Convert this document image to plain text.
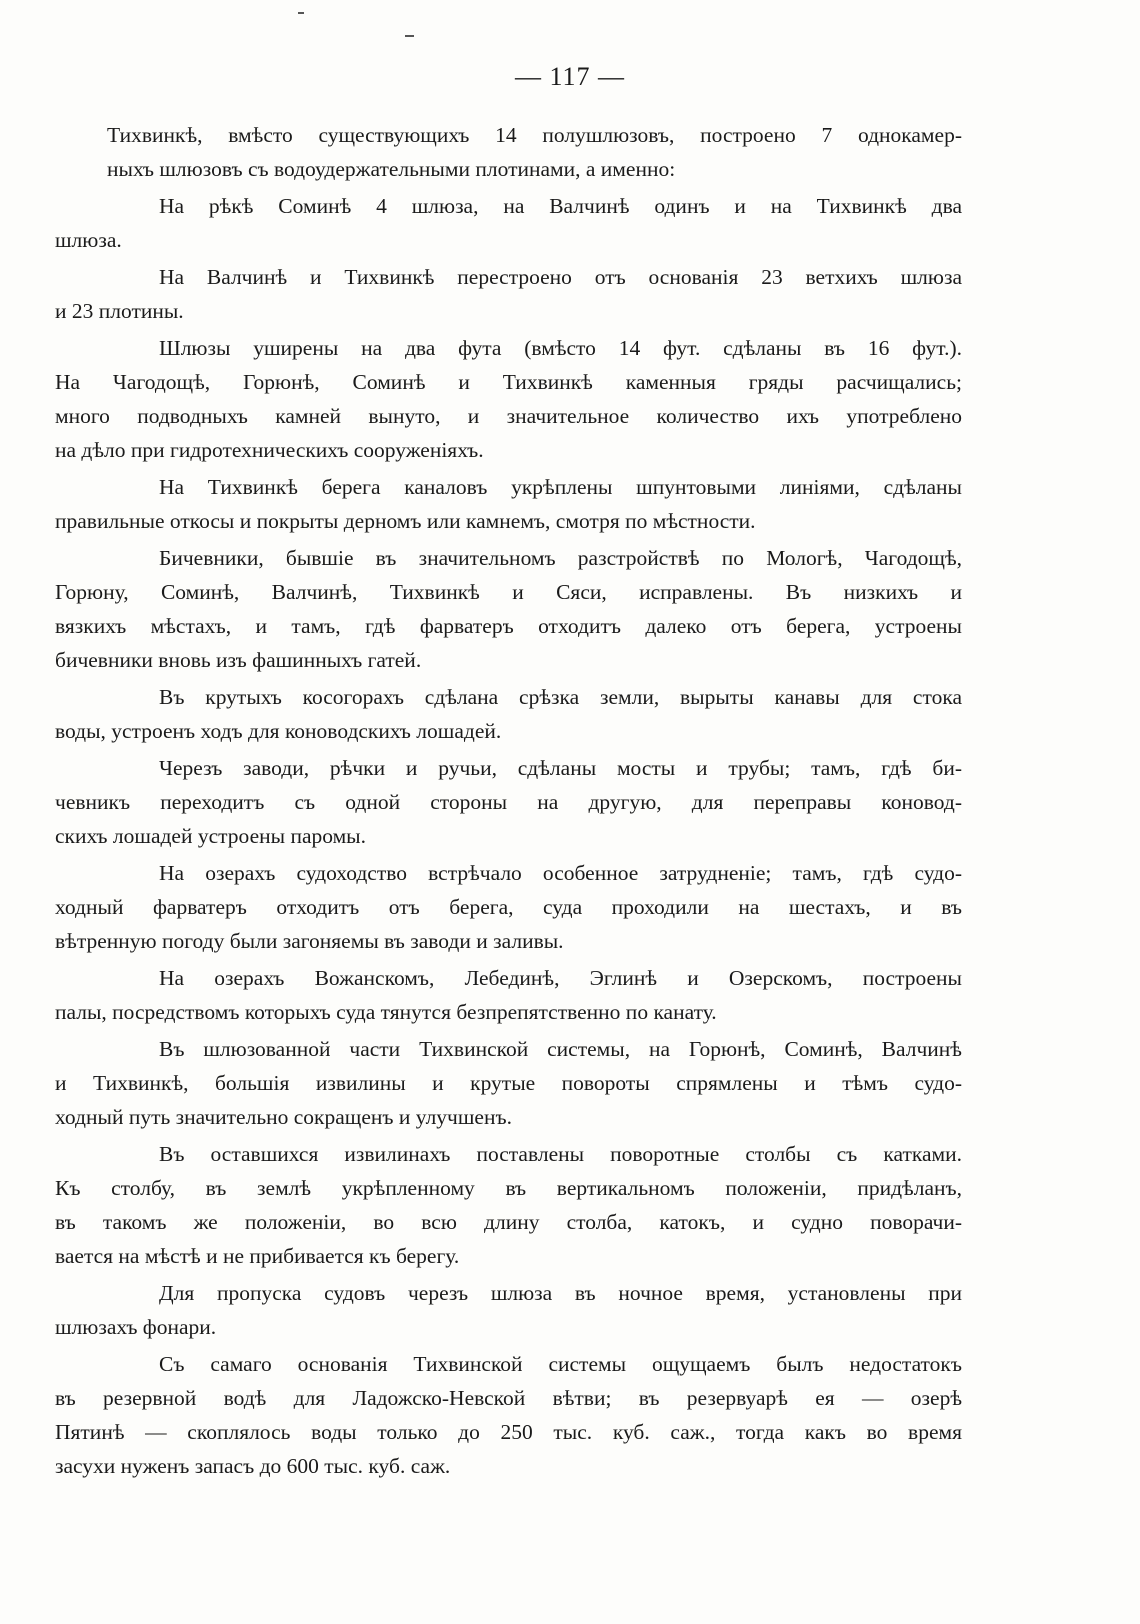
— 117 —
Тихвинкѣ, вмѣсто существующихъ 14 полушлюзовъ, построено 7 однокамер-
ныхъ шлюзовъ съ водоудержательными плотинами, а именно:
На рѣкѣ Соминѣ 4 шлюза, на Валчинѣ одинъ и на Тихвинкѣ два
шлюза.
На Валчинѣ и Тихвинкѣ перестроено отъ основанія 23 ветхихъ шлюза
и 23 плотины.
Шлюзы уширены на два фута (вмѣсто 14 фут. сдѣланы въ 16 фут.).
На Чагодощѣ, Горюнѣ, Соминѣ и Тихвинкѣ каменныя гряды расчищались;
много подводныхъ камней вынуто, и значительное количество ихъ употреблено
на дѣло при гидротехническихъ сооруженіяхъ.
На Тихвинкѣ берега каналовъ укрѣплены шпунтовыми линіями, сдѣланы
правильные откосы и покрыты дерномъ или камнемъ, смотря по мѣстности.
Бичевники, бывшіе въ значительномъ разстройствѣ по Мологѣ, Чагодощѣ,
Горюну, Соминѣ, Валчинѣ, Тихвинкѣ и Сяси, исправлены. Въ низкихъ и
вязкихъ мѣстахъ, и тамъ, гдѣ фарватеръ отходитъ далеко отъ берега, устроены
бичевники вновь изъ фашинныхъ гатей.
Въ крутыхъ косогорахъ сдѣлана срѣзка земли, вырыты канавы для стока
воды, устроенъ ходъ для коноводскихъ лошадей.
Черезъ заводи, рѣчки и ручьи, сдѣланы мосты и трубы; тамъ, гдѣ би-
чевникъ переходитъ съ одной стороны на другую, для переправы коновод-
скихъ лошадей устроены паромы.
На озерахъ судоходство встрѣчало особенное затрудненіе; тамъ, гдѣ судо-
ходный фарватеръ отходитъ отъ берега, суда проходили на шестахъ, и въ
вѣтренную погоду были загоняемы въ заводи и заливы.
На озерахъ Вожанскомъ, Лебединѣ, Эглинѣ и Озерскомъ, построены
палы, посредствомъ которыхъ суда тянутся безпрепятственно по канату.
Въ шлюзованной части Тихвинской системы, на Горюнѣ, Соминѣ, Валчинѣ
и Тихвинкѣ, большія извилины и крутые повороты спрямлены и тѣмъ судо-
ходный путь значительно сокращенъ и улучшенъ.
Въ оставшихся извилинахъ поставлены поворотные столбы съ катками.
Къ столбу, въ землѣ укрѣпленному въ вертикальномъ положеніи, придѣланъ,
въ такомъ же положеніи, во всю длину столба, катокъ, и судно поворачи-
вается на мѣстѣ и не прибивается къ берегу.
Для пропуска судовъ черезъ шлюза въ ночное время, установлены при
шлюзахъ фонари.
Съ самаго основанія Тихвинской системы ощущаемъ былъ недостатокъ
въ резервной водѣ для Ладожско-Невской вѣтви; въ резервуарѣ ея — озерѣ
Пятинѣ — скоплялось воды только до 250 тыс. куб. саж., тогда какъ во время
засухи нуженъ запасъ до 600 тыс. куб. саж.
